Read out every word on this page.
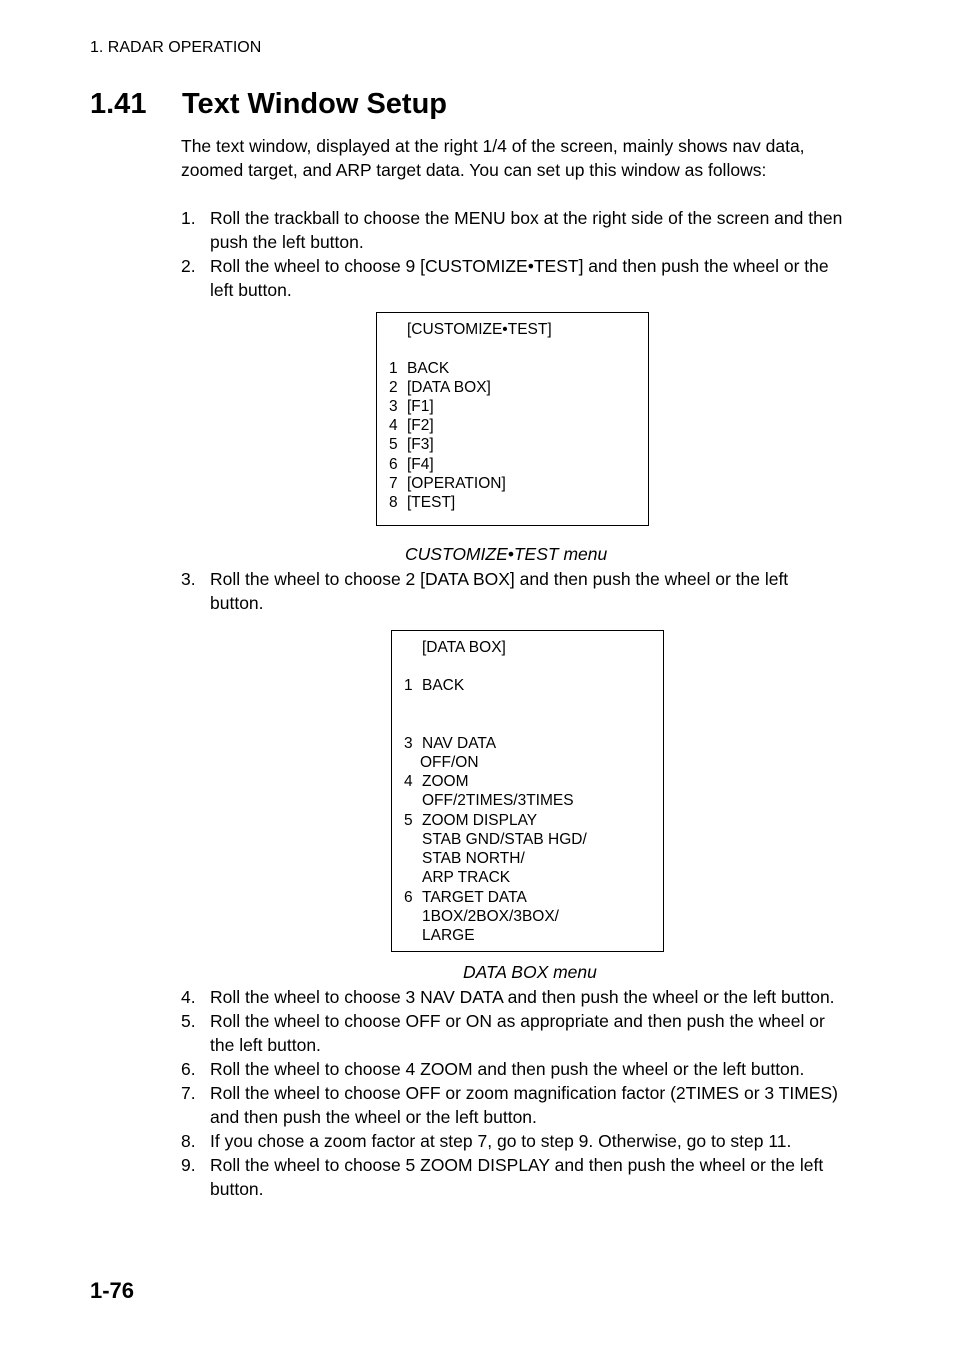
1. RADAR OPERATION
1.41 Text Window Setup

The text window, displayed at the right 1/4 of the screen, mainly shows nav data, zoomed target, and ARP target data. You can set up this window as follows:

1. Roll the trackball to choose the MENU box at the right side of the screen and then push the left button.
2. Roll the wheel to choose 9 [CUSTOMIZE•TEST] and then push the wheel or the left button.
[CUSTOMIZE•TEST]
1 BACK
2 [DATA BOX]
3 [F1]
4 [F2]
5 [F3]
6 [F4]
7 [OPERATION]
8 [TEST]
CUSTOMIZE•TEST menu
3. Roll the wheel to choose 2 [DATA BOX] and then push the wheel or the left button.
[DATA BOX]
1 BACK
3 NAV DATA
OFF/ON
4 ZOOM
OFF/2TIMES/3TIMES
5 ZOOM DISPLAY
STAB GND/STAB HGD/
STAB NORTH/
ARP TRACK
6 TARGET DATA
1BOX/2BOX/3BOX/
LARGE
DATA BOX menu
4. Roll the wheel to choose 3 NAV DATA and then push the wheel or the left button.
5. Roll the wheel to choose OFF or ON as appropriate and then push the wheel or the left button.
6. Roll the wheel to choose 4 ZOOM and then push the wheel or the left button.
7. Roll the wheel to choose OFF or zoom magnification factor (2TIMES or 3 TIMES) and then push the wheel or the left button.
8. If you chose a zoom factor at step 7, go to step 9. Otherwise, go to step 11.
9. Roll the wheel to choose 5 ZOOM DISPLAY and then push the wheel or the left button.
1-76
